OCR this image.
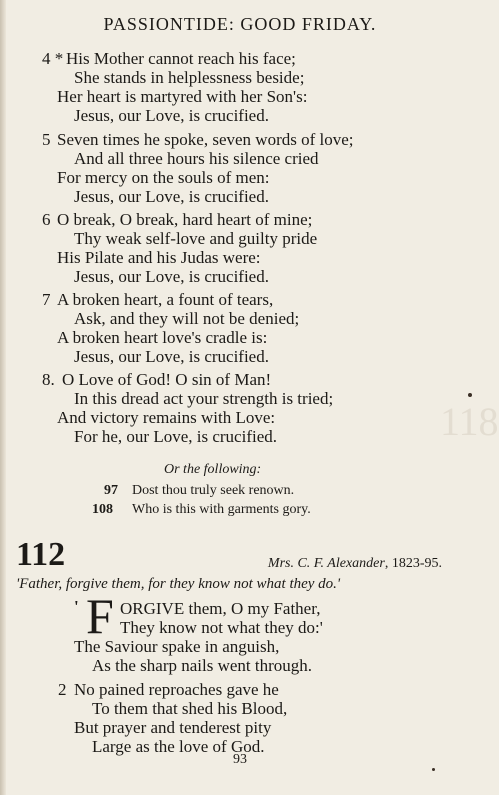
118
PASSIONTIDE: GOOD FRIDAY.
4 * His Mother cannot reach his face;
She stands in helplessness beside;
Her heart is martyred with her Son's:
Jesus, our Love, is crucified.
5 Seven times he spoke, seven words of love;
And all three hours his silence cried
For mercy on the souls of men:
Jesus, our Love, is crucified.
6 O break, O break, hard heart of mine;
Thy weak self-love and guilty pride
His Pilate and his Judas were:
Jesus, our Love, is crucified.
7 A broken heart, a fount of tears,
Ask, and they will not be denied;
A broken heart love's cradle is:
Jesus, our Love, is crucified.
8. O Love of God! O sin of Man!
In this dread act your strength is tried;
And victory remains with Love:
For he, our Love, is crucified.
Or the following:
97 Dost thou truly seek renown.
108 Who is this with garments gory.
112	Mrs. C. F. Alexander, 1823-95.
'Father, forgive them, for they know not what they do.'
' F ORGIVE them, O my Father,
They know not what they do:'
The Saviour spake in anguish,
As the sharp nails went through.
2 No pained reproaches gave he
To them that shed his Blood,
But prayer and tenderest pity
Large as the love of God.
93
